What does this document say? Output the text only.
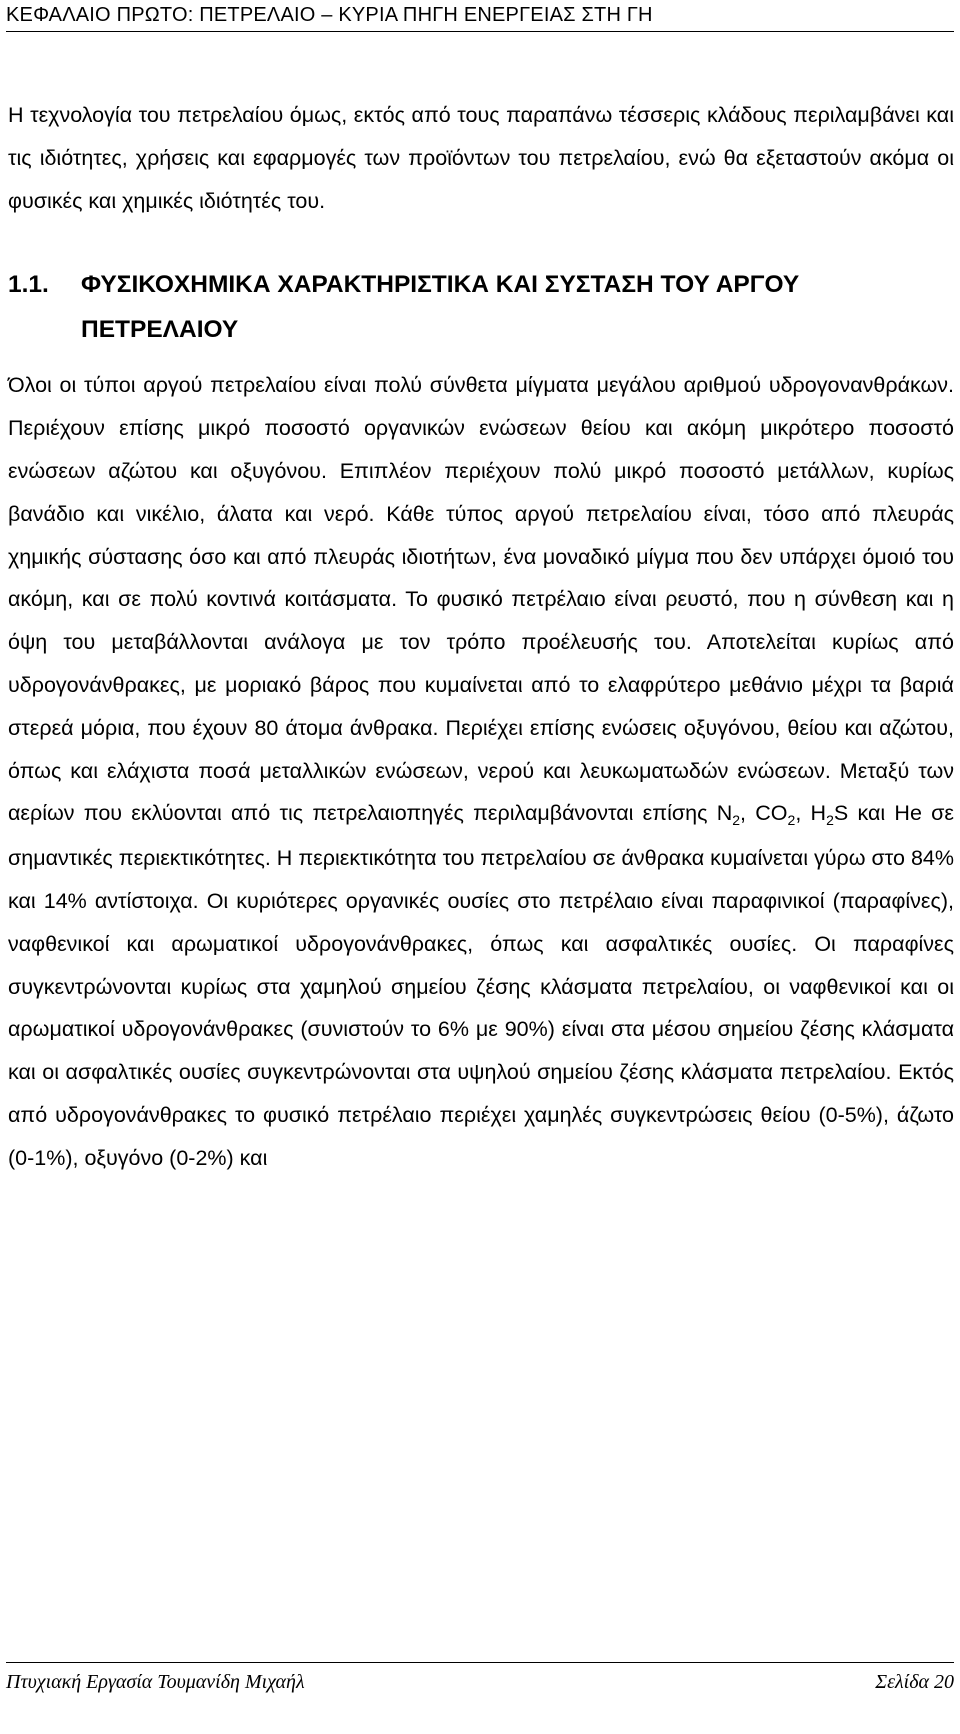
ΚΕΦΑΛΑΙΟ ΠΡΩΤΟ: ΠΕΤΡΕΛΑΙΟ – ΚΥΡΙΑ ΠΗΓΗ ΕΝΕΡΓΕΙΑΣ ΣΤΗ ΓΗ

Η τεχνολογία του πετρελαίου όμως, εκτός από τους παραπάνω τέσσερις κλάδους περιλαμβάνει και τις ιδιότητες, χρήσεις και εφαρμογές των προϊόντων του πετρελαίου, ενώ θα εξεταστούν ακόμα οι φυσικές και χημικές ιδιότητές του.

1.1.	ΦΥΣΙΚΟΧΗΜΙΚΑ ΧΑΡΑΚΤΗΡΙΣΤΙΚΑ ΚΑΙ ΣΥΣΤΑΣΗ ΤΟΥ ΑΡΓΟΥ ΠΕΤΡΕΛΑΙΟΥ

Όλοι οι τύποι αργού πετρελαίου είναι πολύ σύνθετα μίγματα μεγάλου αριθμού υδρογονανθράκων. Περιέχουν επίσης μικρό ποσοστό οργανικών ενώσεων θείου και ακόμη μικρότερο ποσοστό ενώσεων αζώτου και οξυγόνου. Επιπλέον περιέχουν πολύ μικρό ποσοστό μετάλλων, κυρίως βανάδιο και νικέλιο, άλατα και νερό. Κάθε τύπος αργού πετρελαίου είναι, τόσο από πλευράς χημικής σύστασης όσο και από πλευράς ιδιοτήτων, ένα μοναδικό μίγμα που δεν υπάρχει όμοιό του ακόμη, και σε πολύ κοντινά κοιτάσματα. Το φυσικό πετρέλαιο είναι ρευστό, που η σύνθεση και η όψη του μεταβάλλονται ανάλογα με τον τρόπο προέλευσής του. Αποτελείται κυρίως από υδρογονάνθρακες, με μοριακό βάρος που κυμαίνεται από το ελαφρύτερο μεθάνιο μέχρι τα βαριά στερεά μόρια, που έχουν 80 άτομα άνθρακα. Περιέχει επίσης ενώσεις οξυγόνου, θείου και αζώτου, όπως και ελάχιστα ποσά μεταλλικών ενώσεων, νερού και λευκωματωδών ενώσεων. Μεταξύ των αερίων που εκλύονται από τις πετρελαιοπηγές περιλαμβάνονται επίσης $N_2$, $CO_2$, $H_2S$ και He σε σημαντικές περιεκτικότητες. Η περιεκτικότητα του πετρελαίου σε άνθρακα κυμαίνεται γύρω στο 84% και 14% αντίστοιχα. Οι κυριότερες οργανικές ουσίες στο πετρέλαιο είναι παραφινικοί (παραφίνες), ναφθενικοί και αρωματικοί υδρογονάνθρακες, όπως και ασφαλτικές ουσίες. Οι παραφίνες συγκεντρώνονται κυρίως στα χαμηλού σημείου ζέσης κλάσματα πετρελαίου, οι ναφθενικοί και οι αρωματικοί υδρογονάνθρακες (συνιστούν το 6% με 90%) είναι στα μέσου σημείου ζέσης κλάσματα και οι ασφαλτικές ουσίες συγκεντρώνονται στα υψηλού σημείου ζέσης κλάσματα πετρελαίου. Εκτός από υδρογονάνθρακες το φυσικό πετρέλαιο περιέχει χαμηλές συγκεντρώσεις θείου (0-5%), άζωτο (0-1%), οξυγόνο (0-2%) και

Πτυχιακή Εργασία Τουμανίδη Μιχαήλ	Σελίδα 20
